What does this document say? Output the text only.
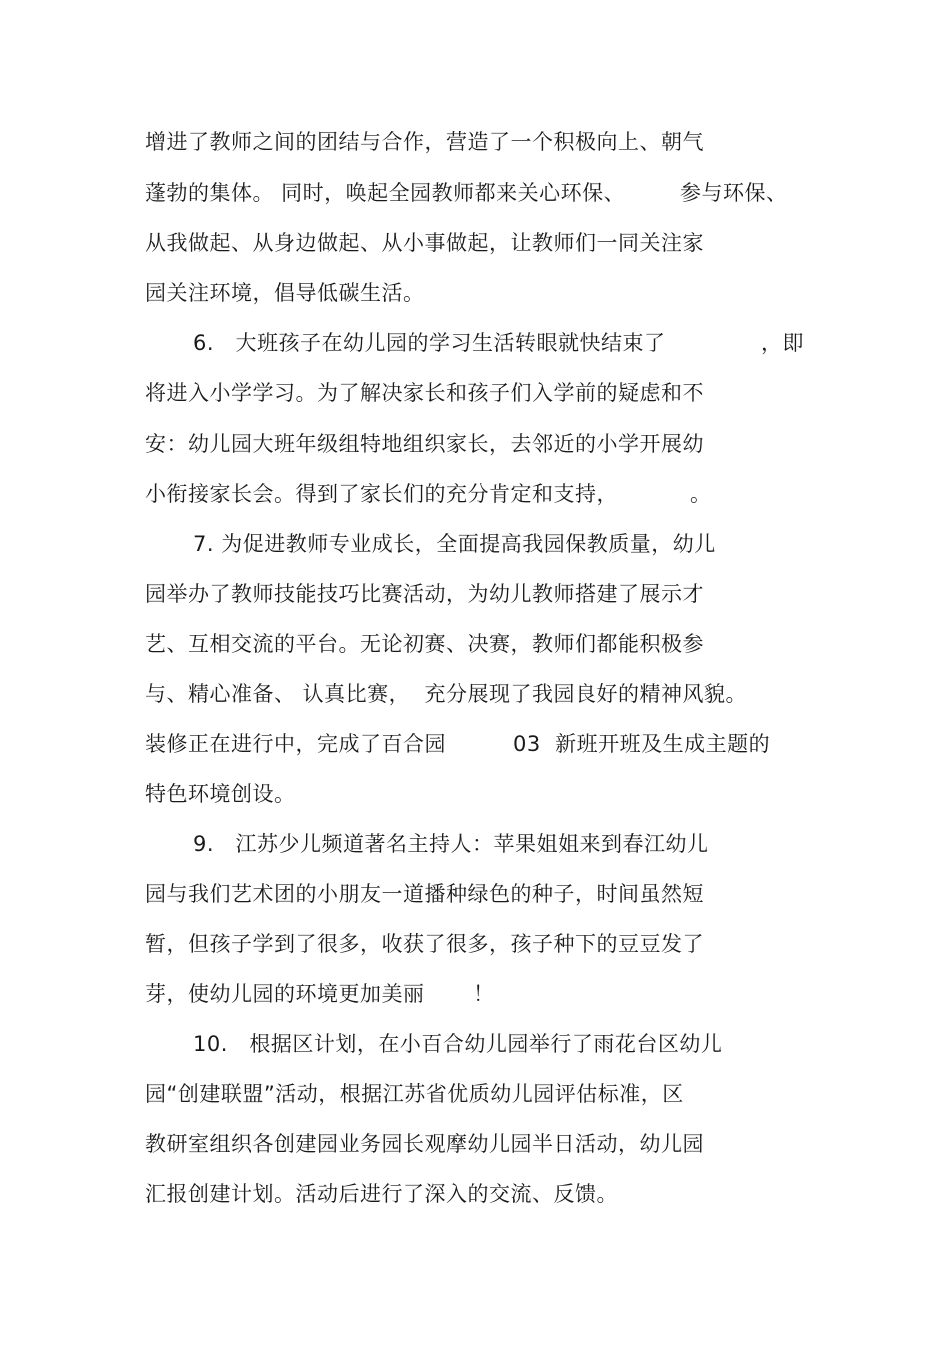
增进了教师之间的团结与合作，营造了一个积极向上、朝气

蓬勃的集体。 同时，唤起全园教师都来关心环保、

	参与环保、

从我做起、从身边做起、从小事做起，让教师们一同关注家
园关注环境，倡导低碳生活。

6.   大班孩子在幼儿园的学习生活转眼就快结束了

	，即

将进入小学学习。为了解决家长和孩子们入学前的疑虑和不
安：幼儿园大班年级组特地组织家长，去邻近的小学开展幼

小衔接家长会。得到了家长们的充分肯定和支持，

	。

7. 为促进教师专业成长，全面提高我园保教质量，幼儿
园举办了教师技能技巧比赛活动，为幼儿教师搭建了展示才
艺、互相交流的平台。无论初赛、决赛，教师们都能积极参
与、精心准备、 认真比赛，  充分展现了我园良好的精神风貌。

装修正在进行中，完成了百合园

	03  新班开班及生成主题的

特色环境创设。
9.   江苏少儿频道著名主持人：苹果姐姐来到春江幼儿
园与我们艺术团的小朋友一道播种绿色的种子，时间虽然短
暂，但孩子学到了很多，收获了很多，孩子种下的豆豆发了

芽，使幼儿园的环境更加美丽

！

10.   根据区计划，在小百合幼儿园举行了雨花台区幼儿
园“创建联盟”活动，根据江苏省优质幼儿园评估标准，区
教研室组织各创建园业务园长观摩幼儿园半日活动，幼儿园
汇报创建计划。活动后进行了深入的交流、反馈。
